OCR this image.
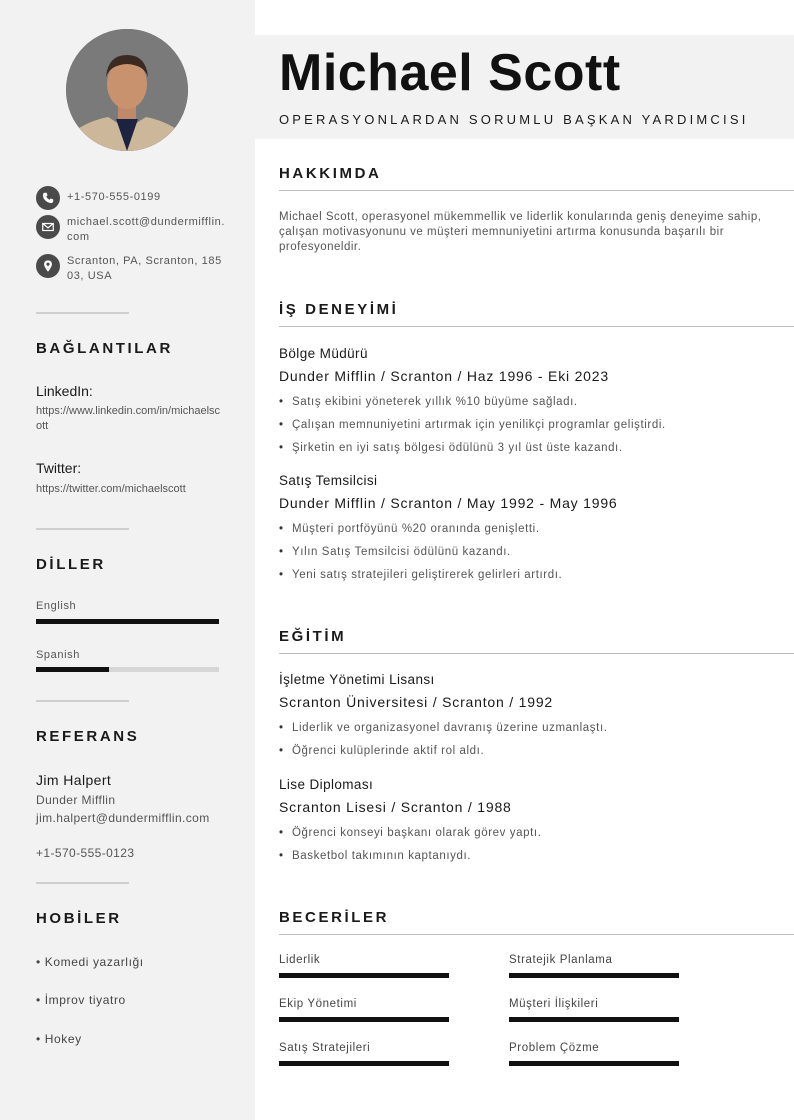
+1-570-555-0199
michael.scott@dundermifflin.com
Scranton, PA, Scranton, 18503, USA
BAĞLANTILAR
LinkedIn:
https://www.linkedin.com/in/michaelscott
Twitter:
https://twitter.com/michaelscott
DİLLER
English
Spanish
REFERANS
Jim Halpert
Dunder Mifflin
jim.halpert@dundermifflin.com
+1-570-555-0123
HOBİLER
• Komedi yazarlığı
• İmprov tiyatro
• Hokey
Michael Scott
OPERASYONLARDAN SORUMLU BAŞKAN YARDIMCISI
HAKKIMDA
Michael Scott, operasyonel mükemmellik ve liderlik konularında geniş deneyime sahip, çalışan motivasyonunu ve müşteri memnuniyetini artırma konusunda başarılı bir profesyoneldir.
İŞ DENEYİMİ
Bölge Müdürü
Dunder Mifflin / Scranton / Haz 1996 - Eki 2023
• Satış ekibini yöneterek yıllık %10 büyüme sağladı.
• Çalışan memnuniyetini artırmak için yenilikçi programlar geliştirdi.
• Şirketin en iyi satış bölgesi ödülünü 3 yıl üst üste kazandı.
Satış Temsilcisi
Dunder Mifflin / Scranton / May 1992 - May 1996
• Müşteri portföyünü %20 oranında genişletti.
• Yılın Satış Temsilcisi ödülünü kazandı.
• Yeni satış stratejileri geliştirerek gelirleri artırdı.
EĞİTİM
İşletme Yönetimi Lisansı
Scranton Üniversitesi / Scranton / 1992
• Liderlik ve organizasyonel davranış üzerine uzmanlaştı.
• Öğrenci kulüplerinde aktif rol aldı.
Lise Diploması
Scranton Lisesi / Scranton / 1988
• Öğrenci konseyi başkanı olarak görev yaptı.
• Basketbol takımının kaptanıydı.
BECERİLER
Liderlik	Stratejik Planlama
Ekip Yönetimi	Müşteri İlişkileri
Satış Stratejileri	Problem Çözme
